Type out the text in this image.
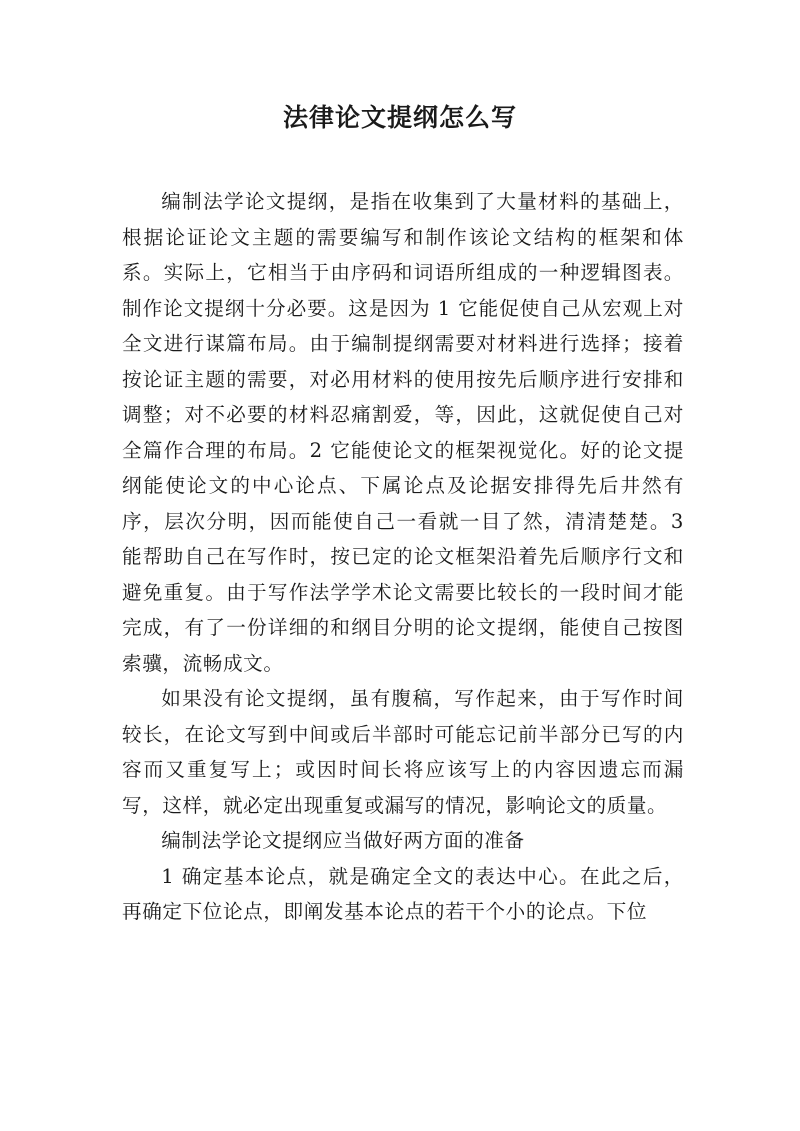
法律论文提纲怎么写

编制法学论文提纲，是指在收集到了大量材料的基础上，根据论证论文主题的需要编写和制作该论文结构的框架和体系。实际上，它相当于由序码和词语所组成的一种逻辑图表。制作论文提纲十分必要。这是因为 1 它能促使自己从宏观上对全文进行谋篇布局。由于编制提纲需要对材料进行选择；接着按论证主题的需要，对必用材料的使用按先后顺序进行安排和调整；对不必要的材料忍痛割爱，等，因此，这就促使自己对全篇作合理的布局。2 它能使论文的框架视觉化。好的论文提纲能使论文的中心论点、下属论点及论据安排得先后井然有序，层次分明，因而能使自己一看就一目了然，清清楚楚。3 能帮助自己在写作时，按已定的论文框架沿着先后顺序行文和避免重复。由于写作法学学术论文需要比较长的一段时间才能完成，有了一份详细的和纲目分明的论文提纲，能使自己按图索骥，流畅成文。

如果没有论文提纲，虽有腹稿，写作起来，由于写作时间较长，在论文写到中间或后半部时可能忘记前半部分已写的内容而又重复写上；或因时间长将应该写上的内容因遗忘而漏写，这样，就必定出现重复或漏写的情况，影响论文的质量。

编制法学论文提纲应当做好两方面的准备

1 确定基本论点，就是确定全文的表达中心。在此之后，再确定下位论点，即阐发基本论点的若干个小的论点。下位
